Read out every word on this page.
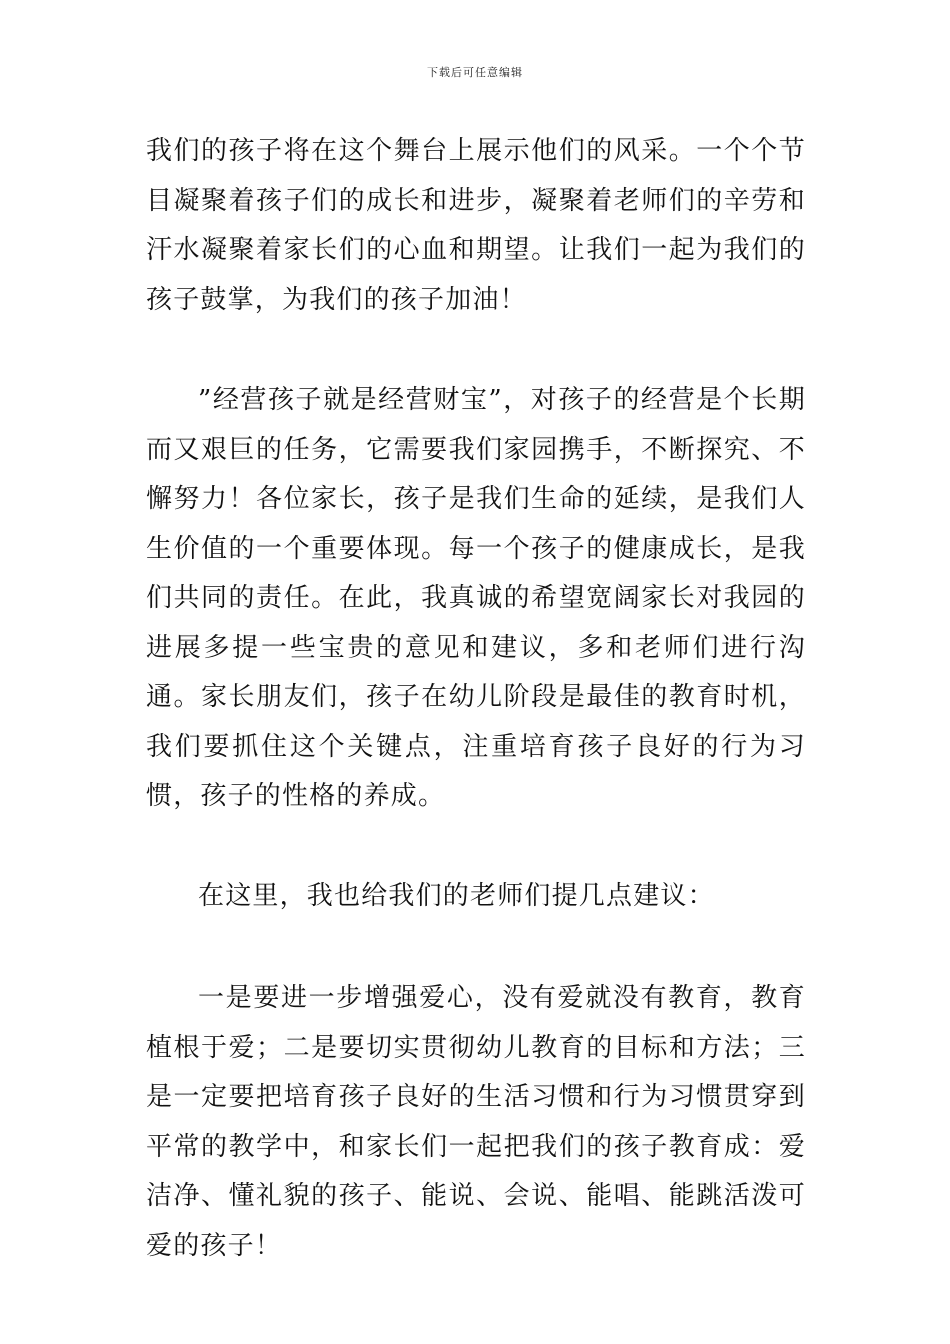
下载后可任意编辑

我们的孩子将在这个舞台上展示他们的风采。一个个节目凝聚着孩子们的成长和进步，凝聚着老师们的辛劳和汗水凝聚着家长们的心血和期望。让我们一起为我们的孩子鼓掌，为我们的孩子加油！

”经营孩子就是经营财宝”，对孩子的经营是个长期而又艰巨的任务，它需要我们家园携手，不断探究、不懈努力！各位家长，孩子是我们生命的延续，是我们人生价值的一个重要体现。每一个孩子的健康成长，是我们共同的责任。在此，我真诚的希望宽阔家长对我园的进展多提一些宝贵的意见和建议，多和老师们进行沟通。家长朋友们，孩子在幼儿阶段是最佳的教育时机，我们要抓住这个关键点，注重培育孩子良好的行为习惯，孩子的性格的养成。

在这里，我也给我们的老师们提几点建议：

一是要进一步增强爱心，没有爱就没有教育，教育植根于爱；二是要切实贯彻幼儿教育的目标和方法；三是一定要把培育孩子良好的生活习惯和行为习惯贯穿到平常的教学中，和家长们一起把我们的孩子教育成：爱洁净、懂礼貌的孩子、能说、会说、能唱、能跳活泼可爱的孩子！
